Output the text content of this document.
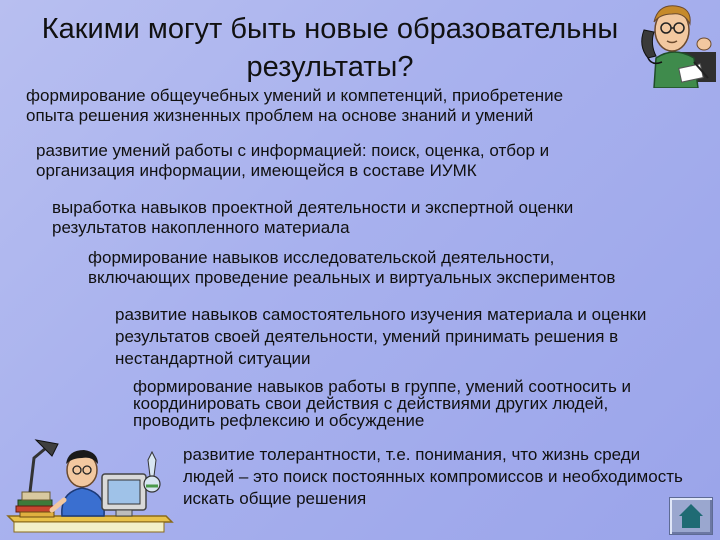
Какими могут быть новые образовательны
результаты?
формирование общеучебных умений и компетенций, приобретение
опыта решения жизненных проблем на основе знаний и умений
развитие умений работы с информацией: поиск, оценка, отбор и
организация информации, имеющейся в составе ИУМК
выработка навыков проектной деятельности и экспертной оценки
результатов накопленного материала
формирование навыков исследовательской деятельности,
включающих проведение реальных и виртуальных экспериментов
развитие навыков самостоятельного изучения материала и оценки
результатов своей деятельности, умений принимать решения в
нестандартной ситуации
формирование навыков работы в группе, умений соотносить и
координировать свои действия с действиями других людей,
проводить рефлексию и обсуждение
развитие толерантности, т.е. понимания, что жизнь среди
людей – это поиск постоянных компромиссов и необходимость
искать общие решения
